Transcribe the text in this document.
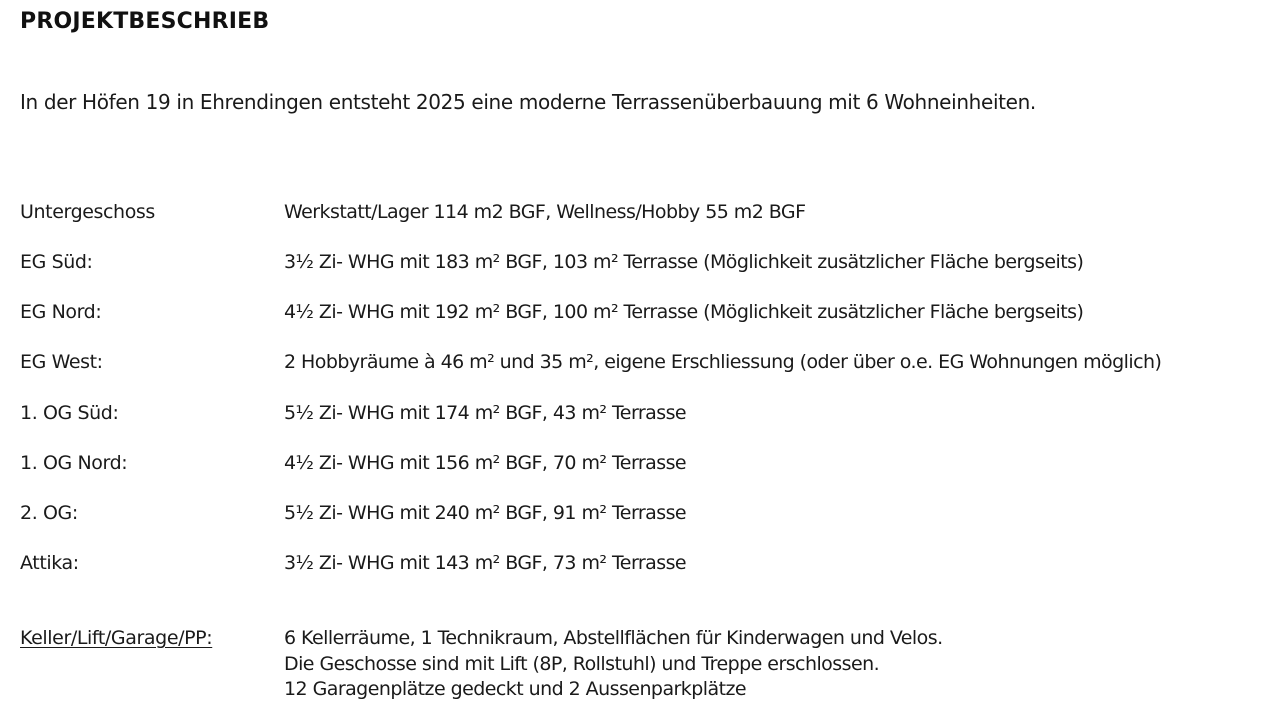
PROJEKTBESCHRIEB
In der Höfen 19 in Ehrendingen entsteht 2025 eine moderne Terrassenüberbauung mit 6 Wohneinheiten.
Untergeschoss	Werkstatt/Lager 114 m2 BGF, Wellness/Hobby 55 m2 BGF
EG Süd:	3½ Zi- WHG mit 183 m² BGF, 103 m² Terrasse (Möglichkeit zusätzlicher Fläche bergseits)
EG Nord:	4½ Zi- WHG mit 192 m² BGF, 100 m² Terrasse (Möglichkeit zusätzlicher Fläche bergseits)
EG West:	2 Hobbyräume à 46 m² und 35 m², eigene Erschliessung (oder über o.e. EG Wohnungen möglich)
1. OG Süd:	5½ Zi- WHG mit 174 m² BGF, 43 m² Terrasse
1. OG Nord:	4½ Zi- WHG mit 156 m² BGF, 70 m² Terrasse
2. OG:	5½ Zi- WHG mit 240 m² BGF, 91 m² Terrasse
Attika:	3½ Zi- WHG mit 143 m² BGF, 73 m² Terrasse
Keller/Lift/Garage/PP:	6 Kellerräume, 1 Technikraum, Abstellflächen für Kinderwagen und Velos.
Die Geschosse sind mit Lift (8P, Rollstuhl) und Treppe erschlossen.
12 Garagenplätze gedeckt und 2 Aussenparkplätze
